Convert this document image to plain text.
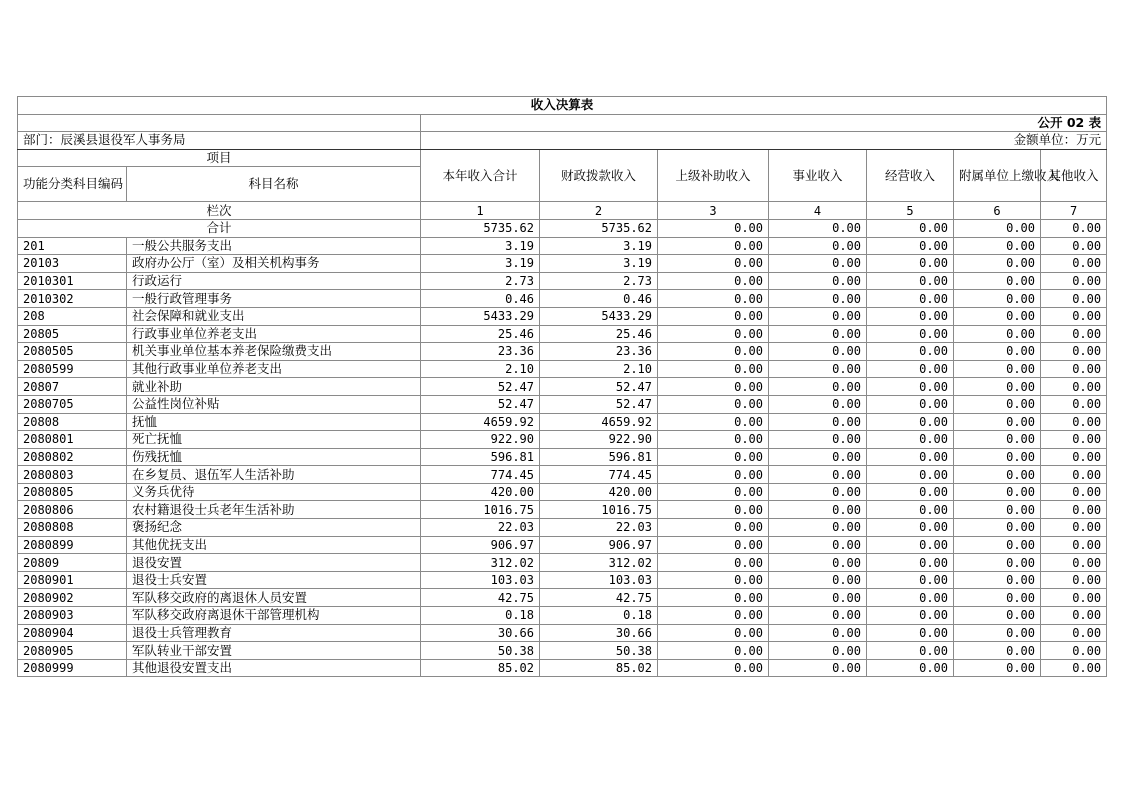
收入决算表								
		公开 02 表						
部门：辰溪县退役军人事务局		金额单位：万元						
项目		本年收入合计	财政拨款收入	上级补助收入	事业收入	经营收入	附属单位上缴收入	其他收入
功能分类科目编码	科目名称							
栏次		1	2	3	4	5	6	7
合计		5735.62	5735.62	0.00	0.00	0.00	0.00	0.00
201	一般公共服务支出	3.19	3.19	0.00	0.00	0.00	0.00	0.00
20103	政府办公厅（室）及相关机构事务	3.19	3.19	0.00	0.00	0.00	0.00	0.00
2010301	行政运行	2.73	2.73	0.00	0.00	0.00	0.00	0.00
2010302	一般行政管理事务	0.46	0.46	0.00	0.00	0.00	0.00	0.00
208	社会保障和就业支出	5433.29	5433.29	0.00	0.00	0.00	0.00	0.00
20805	行政事业单位养老支出	25.46	25.46	0.00	0.00	0.00	0.00	0.00
2080505	机关事业单位基本养老保险缴费支出	23.36	23.36	0.00	0.00	0.00	0.00	0.00
2080599	其他行政事业单位养老支出	2.10	2.10	0.00	0.00	0.00	0.00	0.00
20807	就业补助	52.47	52.47	0.00	0.00	0.00	0.00	0.00
2080705	公益性岗位补贴	52.47	52.47	0.00	0.00	0.00	0.00	0.00
20808	抚恤	4659.92	4659.92	0.00	0.00	0.00	0.00	0.00
2080801	死亡抚恤	922.90	922.90	0.00	0.00	0.00	0.00	0.00
2080802	伤残抚恤	596.81	596.81	0.00	0.00	0.00	0.00	0.00
2080803	在乡复员、退伍军人生活补助	774.45	774.45	0.00	0.00	0.00	0.00	0.00
2080805	义务兵优待	420.00	420.00	0.00	0.00	0.00	0.00	0.00
2080806	农村籍退役士兵老年生活补助	1016.75	1016.75	0.00	0.00	0.00	0.00	0.00
2080808	褒扬纪念	22.03	22.03	0.00	0.00	0.00	0.00	0.00
2080899	其他优抚支出	906.97	906.97	0.00	0.00	0.00	0.00	0.00
20809	退役安置	312.02	312.02	0.00	0.00	0.00	0.00	0.00
2080901	退役士兵安置	103.03	103.03	0.00	0.00	0.00	0.00	0.00
2080902	军队移交政府的离退休人员安置	42.75	42.75	0.00	0.00	0.00	0.00	0.00
2080903	军队移交政府离退休干部管理机构	0.18	0.18	0.00	0.00	0.00	0.00	0.00
2080904	退役士兵管理教育	30.66	30.66	0.00	0.00	0.00	0.00	0.00
2080905	军队转业干部安置	50.38	50.38	0.00	0.00	0.00	0.00	0.00
2080999	其他退役安置支出	85.02	85.02	0.00	0.00	0.00	0.00	0.00
